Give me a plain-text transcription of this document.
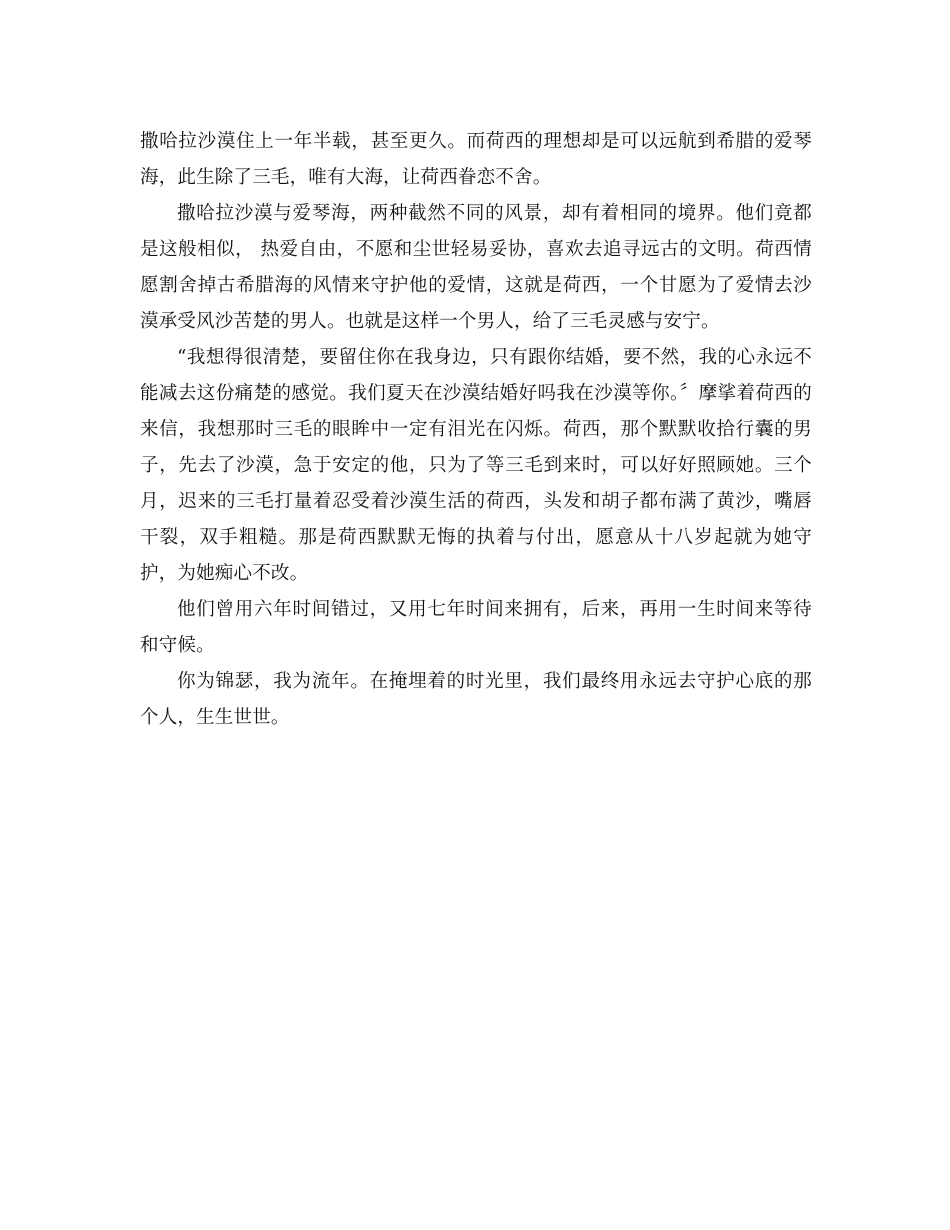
撒哈拉沙漠住上一年半载，甚至更久。而荷西的理想却是可以远航到希腊的爱琴海，此生除了三毛，唯有大海，让荷西眷恋不舍。

撒哈拉沙漠与爱琴海，两种截然不同的风景，却有着相同的境界。他们竟都是这般相似， 热爱自由，不愿和尘世轻易妥协，喜欢去追寻远古的文明。荷西情愿割舍掉古希腊海的风情来守护他的爱情，这就是荷西，一个甘愿为了爱情去沙漠承受风沙苦楚的男人。也就是这样一个男人，给了三毛灵感与安宁。

“我想得很清楚，要留住你在我身边，只有跟你结婚，要不然，我的心永远不能减去这份痛楚的感觉。我们夏天在沙漠结婚好吗我在沙漠等你。〞摩挲着荷西的来信，我想那时三毛的眼眸中一定有泪光在闪烁。荷西，那个默默收拾行囊的男子，先去了沙漠，急于安定的他，只为了等三毛到来时，可以好好照顾她。三个月，迟来的三毛打量着忍受着沙漠生活的荷西，头发和胡子都布满了黄沙，嘴唇干裂，双手粗糙。那是荷西默默无悔的执着与付出，愿意从十八岁起就为她守护，为她痴心不改。

他们曾用六年时间错过，又用七年时间来拥有，后来，再用一生时间来等待和守候。

你为锦瑟，我为流年。在掩埋着的时光里，我们最终用永远去守护心底的那个人，生生世世。
